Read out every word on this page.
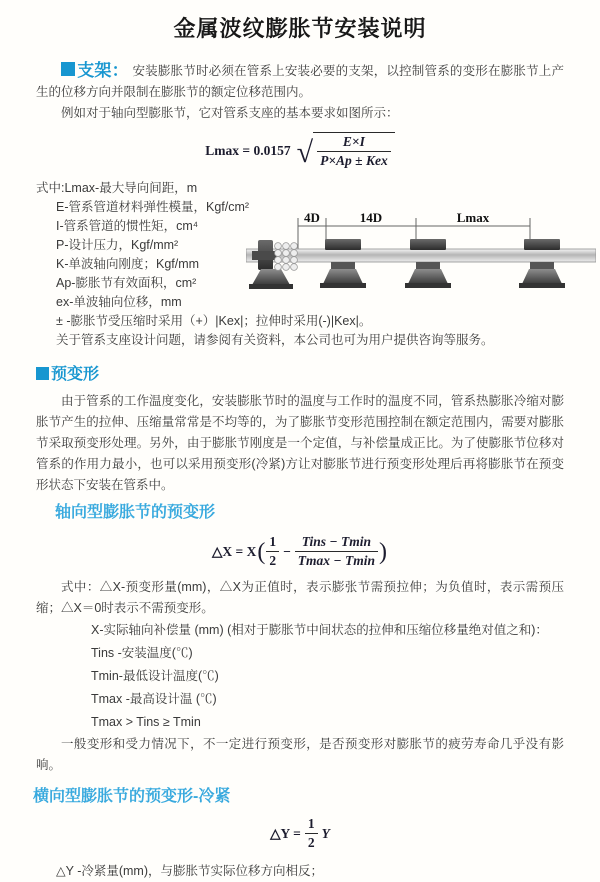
金属波纹膨胀节安装说明

支架： 安装膨胀节时必须在管系上安装必要的支架，以控制管系的变形在膨胀节上产生的位移方向并限制在膨胀节的额定位移范围内。

例如对于轴向型膨胀节，它对管系支座的基本要求如图所示：

Lmax = 0.0157 √ $\frac{E\times I}{\text{P×Ap ± Kex}}$
式中:Lmax-最大导向间距，m
E-管系管道材料弹性模量，Kgf/cm²
I-管系管道的惯性矩，cm⁴
P-设计压力，Kgf/mm²
K-单波轴向刚度；Kgf/mm
Ap-膨胀节有效面积，cm²
ex-单波轴向位移，mm
± -膨胀节受压缩时采用（+）|Kex|；拉伸时采用(-)|Kex|。
关于管系支座设计问题，请参阅有关资料，本公司也可为用户提供咨询等服务。
4D	14D	Lmax
预变形

由于管系的工作温度变化，安装膨胀节时的温度与工作时的温度不同，管系热膨胀冷缩对膨胀节产生的拉伸、压缩量常常是不均等的，为了膨胀节变形范围控制在额定范围内，需要对膨胀节采取预变形处理。另外，由于膨胀节刚度是一个定值，与补偿量成正比。为了使膨胀节位移对管系的作用力最小，也可以采用预变形(冷紧)方让对膨胀节进行预变形处理后再将膨胀节在预变形状态下安装在管系中。

轴向型膨胀节的预变形
△X = X ( $\frac{1}{2} - \frac{\text{Tins − Tmin}}{Tmax - Tmin}$ )

式中：△X-预变形量(mm)，△X为正值时，表示膨张节需预拉伸；为负值时，表示需预压缩；△X＝0时表示不需预变形。

X-实际轴向补偿量 (mm) (相对于膨胀节中间状态的拉伸和压缩位移量绝对值之和)：
Tins -安装温度(℃)
Tmin-最低设计温度(℃)
Tmax -最高设计温 (℃)
Tmax > Tins ≥ Tmin

一般变形和受力情况下，不一定进行预变形，是否预变形对膨胀节的疲劳寿命几乎没有影响。

横向型膨胀节的预变形-冷紧
△Y = $\frac{1}{2}$ Y

△Y -冷紧量(mm)，与膨胀节实际位移方向相反；
